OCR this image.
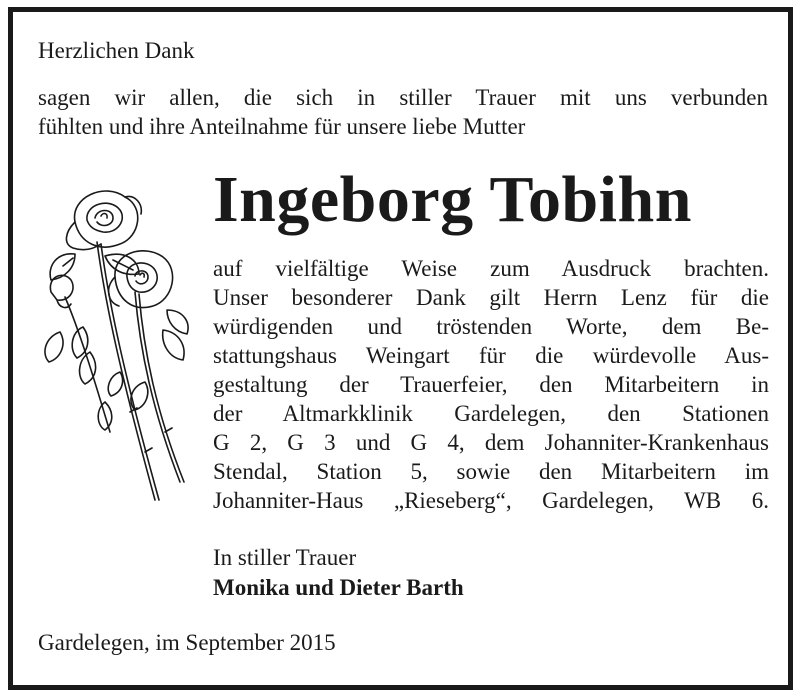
Herzlichen Dank
sagen wir allen, die sich in stiller Trauer mit uns verbunden
fühlten und ihre Anteilnahme für unsere liebe Mutter
Ingeborg Tobihn
auf vielfältige Weise zum Ausdruck brachten.
Unser besonderer Dank gilt Herrn Lenz für die
würdigenden und tröstenden Worte, dem Be-
stattungshaus Weingart für die würdevolle Aus-
gestaltung der Trauerfeier, den Mitarbeitern in
der Altmarkklinik Gardelegen, den Stationen
G 2, G 3 und G 4, dem Johanniter-Krankenhaus
Stendal, Station 5, sowie den Mitarbeitern im
Johanniter-Haus „Rieseberg“, Gardelegen, WB 6.
In stiller Trauer
Monika und Dieter Barth
Gardelegen, im September 2015
